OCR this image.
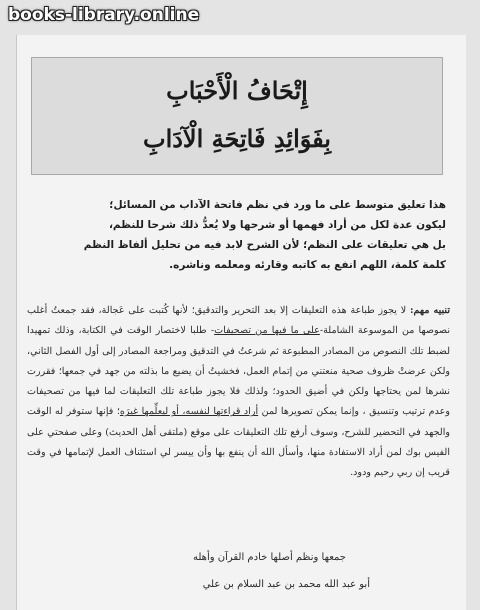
books-library.online
إِتْحَافُ الْأَحْبَابِ
بِفَوَائِدِ فَاتِحَةِ الْآدَابِ

هذا تعليق متوسط على ما ورد في نظم فاتحة الآداب من المسائل؛

ليكون عدة لكل من أراد فهمها أو شرحها ولا يُعدُّ ذلك شرحا للنظم،

بل هي تعليقات على النظم؛ لأن الشرح لابد فيه من تحليل ألفاظ النظم

كلمة كلمة، اللهم انفع به كاتبه وقارئه ومعلمه وناشره.

تنبيه مهم: لا يجوز طباعة هذه التعليقات إلا بعد التحرير والتدقيق؛ لأنها كُتبت على عَجالة، فقد جمعتُ أغلب نصوصها من الموسوعة الشاملة-على ما فيها من تصحيفات- طلبا لاختصار الوقت في الكتابة، وذلك تمهيدا لضبط تلك النصوص من المصادر المطبوعة ثم شرعتُ في التدقيق ومراجعة المصادر إلى أول الفصل الثاني، ولكن عرضتْ ظروف صحية منعتني من إتمام العمل، فخشيتُ أن يضيع ما بذلته من جهد في جمعها؛ فقررت نشرها لمن يحتاجها ولكن في أضيق الحدود؛ ولذلك فلا يجوز طباعة تلك التعليقات لما فيها من تصحيفات وعدم ترتيب وتنسيق ، وإنما يمكن تصويرها لمن أراد قراءتها لنفسه، أو ليعلِّمها غيرَه؛ فإنها ستوفر له الوقت والجهد في التحضير للشرح، وسوف أرفع تلك التعليقات على موقع (ملتقى أهل الحديث) وعلى صفحتي على الفيس بوك لمن أراد الاستفادة منها، وأسأل الله أن ينفع بها وأن ييسر لي استئناف العمل لإتمامها في وقت قريب إن ربي رحيم ودود.
جمعها ونظم أصلها خادم القرآن وأهله
أبو عبد الله محمد بن عبد السلام بن علي
